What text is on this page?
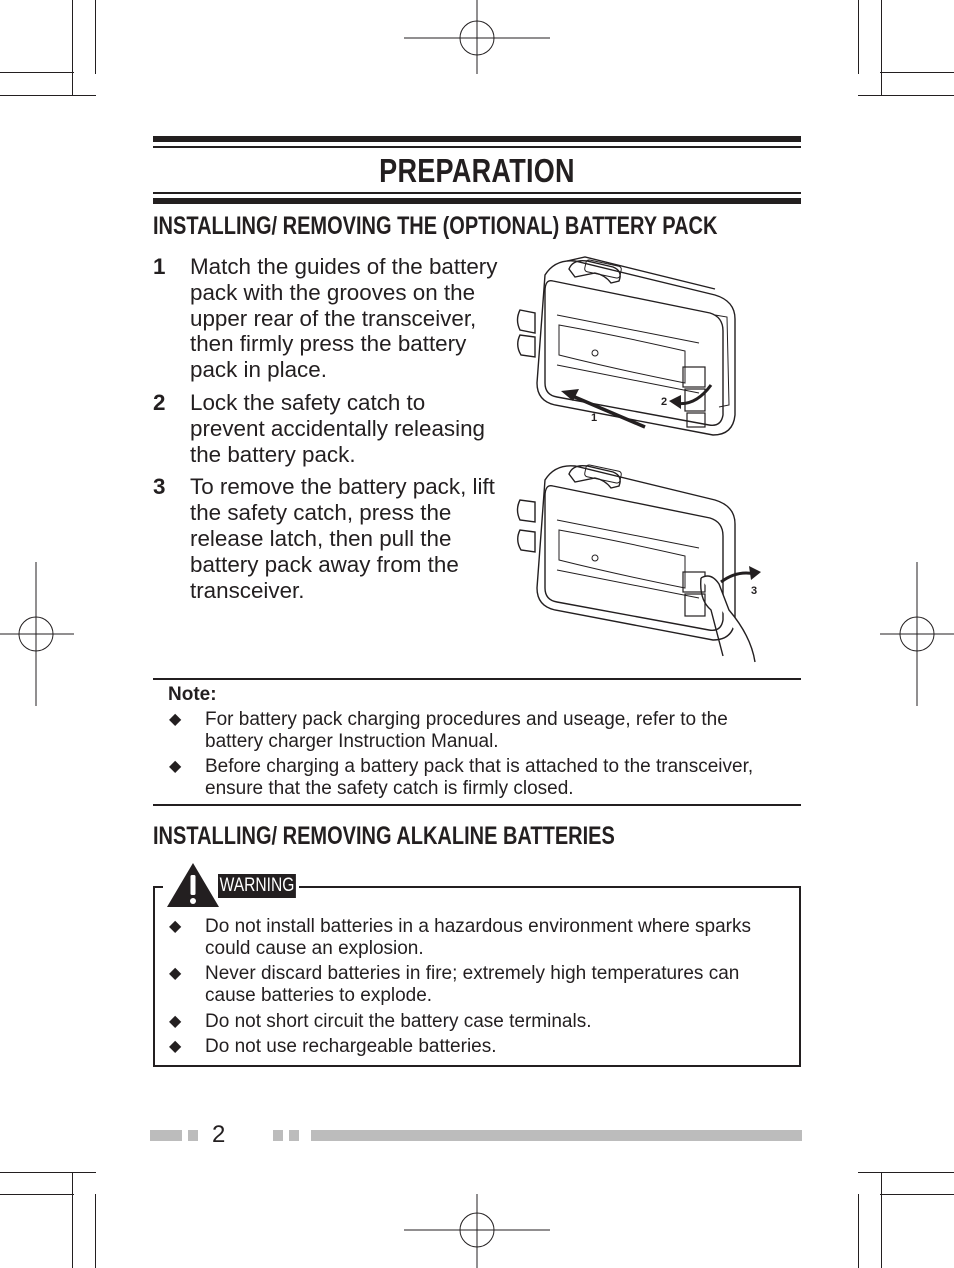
PREPARATION
INSTALLING/ REMOVING THE (OPTIONAL) BATTERY PACK
1	Match the guides of the battery pack with the grooves on the upper rear of the transceiver, then firmly press the battery pack in place.
2	Lock the safety catch to prevent accidentally releasing the battery pack.
3	To remove the battery pack, lift the safety catch, press the release latch, then pull the battery pack away from the transceiver.
1
2
3
Note:
◆ For battery pack charging procedures and useage, refer to the battery charger Instruction Manual.
◆ Before charging a battery pack that is attached to the transceiver, ensure that the safety catch is firmly closed.
INSTALLING/ REMOVING ALKALINE BATTERIES
◆ Do not install batteries in a hazardous environment where sparks could cause an explosion.
◆ Never discard batteries in fire; extremely high temperatures can cause batteries to explode.
◆ Do not short circuit the battery case terminals.
◆ Do not use rechargeable batteries.
WARNING
2
